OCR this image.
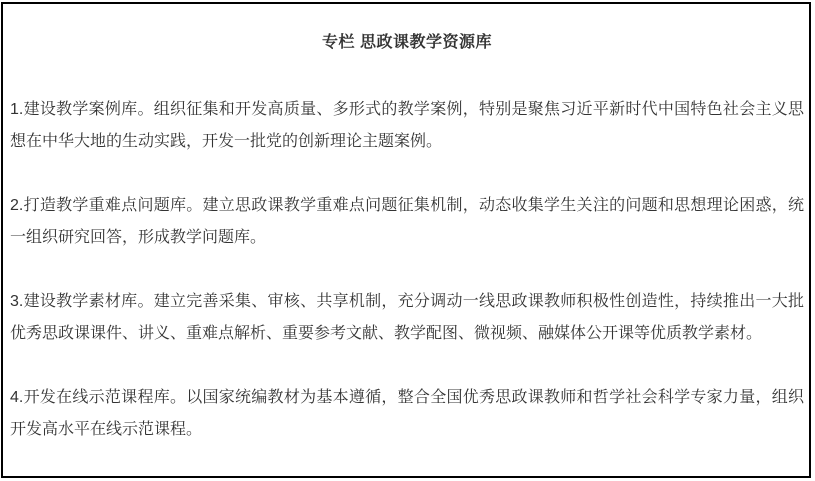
专栏 思政课教学资源库

1.建设教学案例库。组织征集和开发高质量、多形式的教学案例，特别是聚焦习近平新时代中国特色社会主义思想在中华大地的生动实践，开发一批党的创新理论主题案例。

2.打造教学重难点问题库。建立思政课教学重难点问题征集机制，动态收集学生关注的问题和思想理论困惑，统一组织研究回答，形成教学问题库。

3.建设教学素材库。建立完善采集、审核、共享机制，充分调动一线思政课教师积极性创造性，持续推出一大批优秀思政课课件、讲义、重难点解析、重要参考文献、教学配图、微视频、融媒体公开课等优质教学素材。

4.开发在线示范课程库。以国家统编教材为基本遵循，整合全国优秀思政课教师和哲学社会科学专家力量，组织开发高水平在线示范课程。
